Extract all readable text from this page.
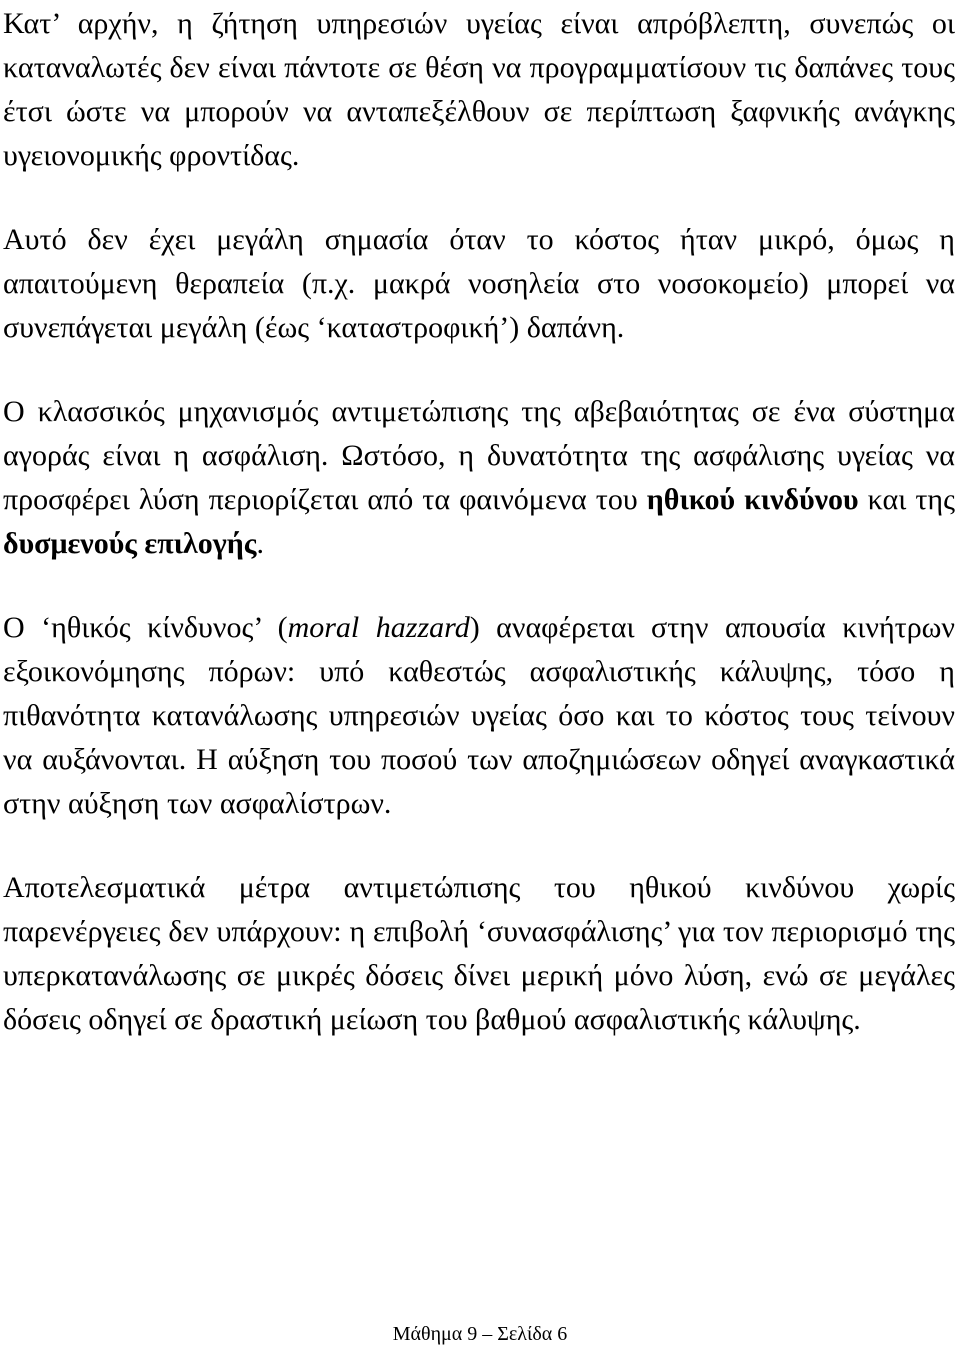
Κατ’ αρχήν, η ζήτηση υπηρεσιών υγείας είναι απρόβλεπτη, συνεπώς οι καταναλωτές δεν είναι πάντοτε σε θέση να προγραμματίσουν τις δαπάνες τους έτσι ώστε να μπορούν να ανταπεξέλθουν σε περίπτωση ξαφνικής ανάγκης υγειονομικής φροντίδας.

Αυτό δεν έχει μεγάλη σημασία όταν το κόστος ήταν μικρό, όμως η απαιτούμενη θεραπεία (π.χ. μακρά νοσηλεία στο νοσοκομείο) μπορεί να συνεπάγεται μεγάλη (έως ‘καταστροφική’) δαπάνη.

Ο κλασσικός μηχανισμός αντιμετώπισης της αβεβαιότητας σε ένα σύστημα αγοράς είναι η ασφάλιση. Ωστόσο, η δυνατότητα της ασφάλισης υγείας να προσφέρει λύση περιορίζεται από τα φαινόμενα του ηθικού κινδύνου και της δυσμενούς επιλογής.

Ο ‘ηθικός κίνδυνος’ (moral hazzard) αναφέρεται στην απουσία κινήτρων εξοικονόμησης πόρων: υπό καθεστώς ασφαλιστικής κάλυψης, τόσο η πιθανότητα κατανάλωσης υπηρεσιών υγείας όσο και το κόστος τους τείνουν να αυξάνονται. Η αύξηση του ποσού των αποζημιώσεων οδηγεί αναγκαστικά στην αύξηση των ασφαλίστρων.

Αποτελεσματικά μέτρα αντιμετώπισης του ηθικού κινδύνου χωρίς παρενέργειες δεν υπάρχουν: η επιβολή ‘συνασφάλισης’ για τον περιορισμό της υπερκατανάλωσης σε μικρές δόσεις δίνει μερική μόνο λύση, ενώ σε μεγάλες δόσεις οδηγεί σε δραστική μείωση του βαθμού ασφαλιστικής κάλυψης.

Μάθημα 9 – Σελίδα 6
